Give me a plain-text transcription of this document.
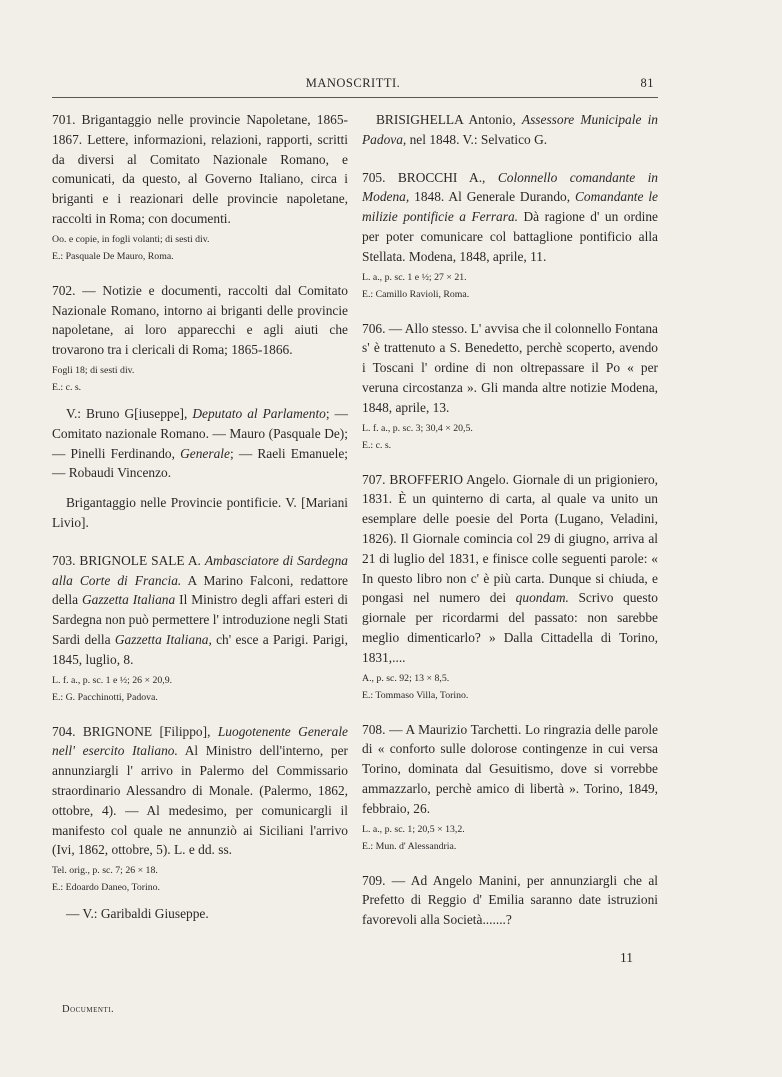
MANOSCRITTI.	81

701. Brigantaggio nelle provincie Napoletane, 1865-1867. Lettere, informazioni, relazioni, rapporti, scritti da diversi al Comitato Nazionale Romano, e comunicati, da questo, al Governo Italiano, circa i briganti e i reazionari delle provincie napoletane, raccolti in Roma; con documenti.

Oo. e copie, in fogli volanti; di sesti div.

E.: Pasquale De Mauro, Roma.

702. — Notizie e documenti, raccolti dal Comitato Nazionale Romano, intorno ai briganti delle provincie napoletane, ai loro apparecchi e agli aiuti che trovarono tra i clericali di Roma; 1865-1866.

Fogli 18; di sesti div.

E.: c. s.

V.: Bruno G[iuseppe], Deputato al Parlamento; — Comitato nazionale Romano. — Mauro (Pasquale De); — Pinelli Ferdinando, Generale; — Raeli Emanuele; — Robaudi Vincenzo.

Brigantaggio nelle Provincie pontificie. V. [Mariani Livio].

703. BRIGNOLE SALE A. Ambasciatore di Sardegna alla Corte di Francia. A Marino Falconi, redattore della Gazzetta Italiana Il Ministro degli affari esteri di Sardegna non può permettere l' introduzione negli Stati Sardi della Gazzetta Italiana, ch' esce a Parigi. Parigi, 1845, luglio, 8.

L. f. a., p. sc. 1 e ½; 26 × 20,9.

E.: G. Pacchinotti, Padova.

704. BRIGNONE [Filippo], Luogotenente Generale nell' esercito Italiano. Al Ministro dell'interno, per annunziargli l' arrivo in Palermo del Commissario straordinario Alessandro di Monale. (Palermo, 1862, ottobre, 4). — Al medesimo, per comunicargli il manifesto col quale ne annunziò ai Siciliani l'arrivo (Ivi, 1862, ottobre, 5). L. e dd. ss.

Tel. orig., p. sc. 7; 26 × 18.

E.: Edoardo Daneo, Torino.

— V.: Garibaldi Giuseppe.

BRISIGHELLA Antonio, Assessore Municipale in Padova, nel 1848. V.: Selvatico G.

705. BROCCHI A., Colonnello comandante in Modena, 1848. Al Generale Durando, Comandante le milizie pontificie a Ferrara. Dà ragione d' un ordine per poter comunicare col battaglione pontificio alla Stellata. Modena, 1848, aprile, 11.

L. a., p. sc. 1 e ½; 27 × 21.

E.: Camillo Ravioli, Roma.

706. — Allo stesso. L' avvisa che il colonnello Fontana s' è trattenuto a S. Benedetto, perchè scoperto, avendo i Toscani l' ordine di non oltrepassare il Po « per veruna circostanza ». Gli manda altre notizie Modena, 1848, aprile, 13.

L. f. a., p. sc. 3; 30,4 × 20,5.

E.: c. s.

707. BROFFERIO Angelo. Giornale di un prigioniero, 1831. È un quinterno di carta, al quale va unito un esemplare delle poesie del Porta (Lugano, Veladini, 1826). Il Giornale comincia col 29 di giugno, arriva al 21 di luglio del 1831, e finisce colle seguenti parole: « In questo libro non c' è più carta. Dunque si chiuda, e pongasi nel numero dei quondam. Scrivo questo giornale per ricordarmi del passato: non sarebbe meglio dimenticarlo? » Dalla Cittadella di Torino, 1831,....

A., p. sc. 92; 13 × 8,5.

E.: Tommaso Villa, Torino.

708. — A Maurizio Tarchetti. Lo ringrazia delle parole di « conforto sulle dolorose contingenze in cui versa Torino, dominata dal Gesuitismo, dove si vorrebbe ammazzarlo, perchè amico di libertà ». Torino, 1849, febbraio, 26.

L. a., p. sc. 1; 20,5 × 13,2.

E.: Mun. d' Alessandria.

709. — Ad Angelo Manini, per annunziargli che al Prefetto di Reggio d' Emilia saranno date istruzioni favorevoli alla Società.......?

Documenti.
11
